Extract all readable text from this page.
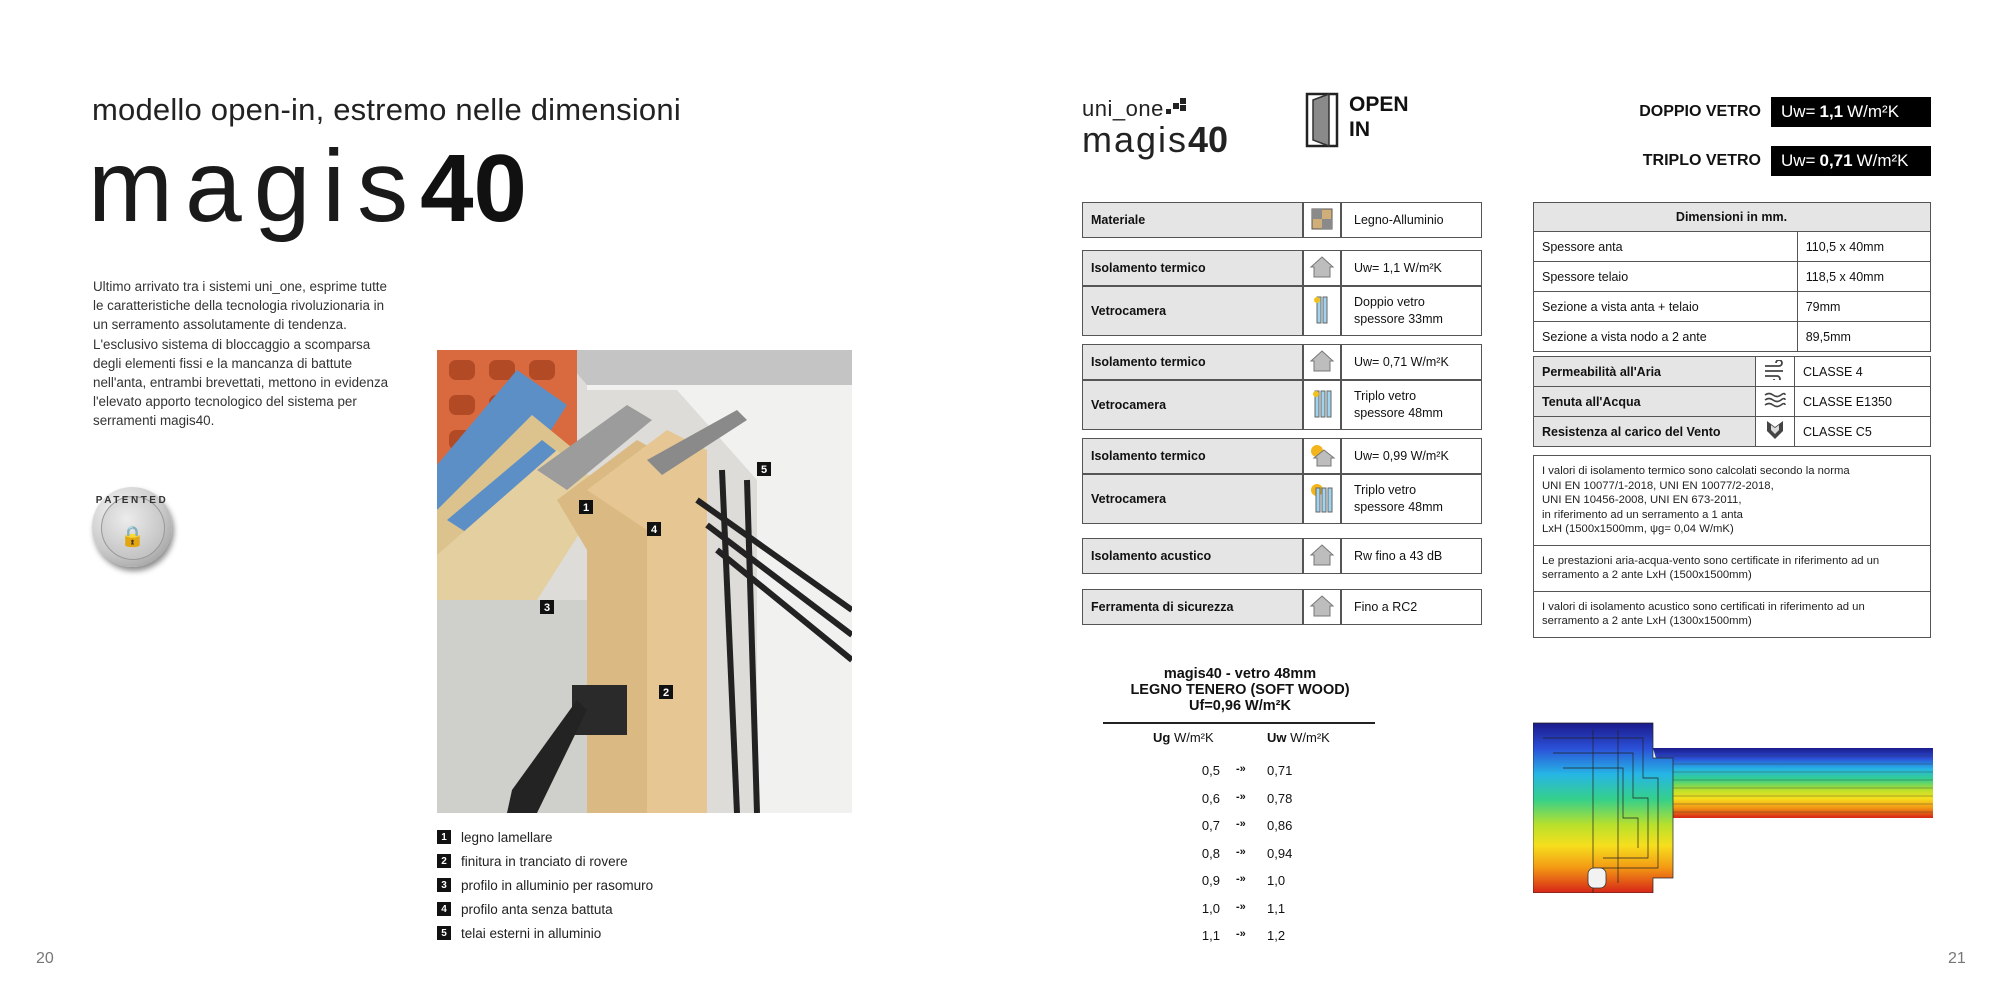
modello open-in, estremo nelle dimensioni
magis40
Ultimo arrivato tra i sistemi uni_one, esprime tutte le caratteristiche della tecnologia rivoluzionaria in un serramento assolutamente di tendenza. L'esclusivo sistema di bloccaggio a scomparsa degli elementi fissi e la mancanza di battute nell'anta, entrambi brevettati, mettono in evidenza l'elevato apporto tecnologico del sistema per serramenti magis40.
PATENTED
🔒
1
2
3
4
5
1	legno lamellare
2	finitura in tranciato di rovere
3	profilo in alluminio per rasomuro
4	profilo anta senza battuta
5	telai esterni in alluminio
20
uni_one
magis40
OPEN
IN
DOPPIO VETRO Uw= 1,1 W/m²K
TRIPLO VETRO Uw= 0,71 W/m²K
Materiale		Legno-Alluminio
Isolamento termico		Uw= 1,1 W/m²K
Vetrocamera		Doppio vetro
spessore 33mm
Isolamento termico		Uw= 0,71 W/m²K
Vetrocamera		Triplo vetro
spessore 48mm
Isolamento termico		Uw= 0,99 W/m²K
Vetrocamera		Triplo vetro
spessore 48mm
Isolamento acustico		Rw fino a 43 dB
Ferramenta di sicurezza		Fino a RC2
Dimensioni in mm.	
Spessore anta	110,5 x 40mm
Spessore telaio	118,5 x 40mm
Sezione a vista anta + telaio	79mm
Sezione a vista nodo a 2 ante	89,5mm
Permeabilità all'Aria		CLASSE 4
Tenuta all'Acqua		CLASSE E1350
Resistenza al carico del Vento		CLASSE C5
I valori di isolamento termico sono calcolati secondo la norma
UNI EN 10077/1-2018, UNI EN 10077/2-2018,
UNI EN 10456-2008, UNI EN 673-2011,
in riferimento ad un serramento a 1 anta
LxH (1500x1500mm, ψg= 0,04 W/mK)
Le prestazioni aria-acqua-vento sono certificate in riferimento ad un
serramento a 2 ante LxH (1500x1500mm)
I valori di isolamento acustico sono certificati in riferimento ad un
serramento a 2 ante LxH (1300x1500mm)
magis40 - vetro 48mm
LEGNO TENERO (SOFT WOOD)
Uf=0,96 W/m²K
Ug W/m²K	Uw W/m²K
0,5 -» 0,71
0,6 -» 0,78
0,7 -» 0,86
0,8 -» 0,94
0,9 -» 1,0
1,0 -» 1,1
1,1 -» 1,2
21
